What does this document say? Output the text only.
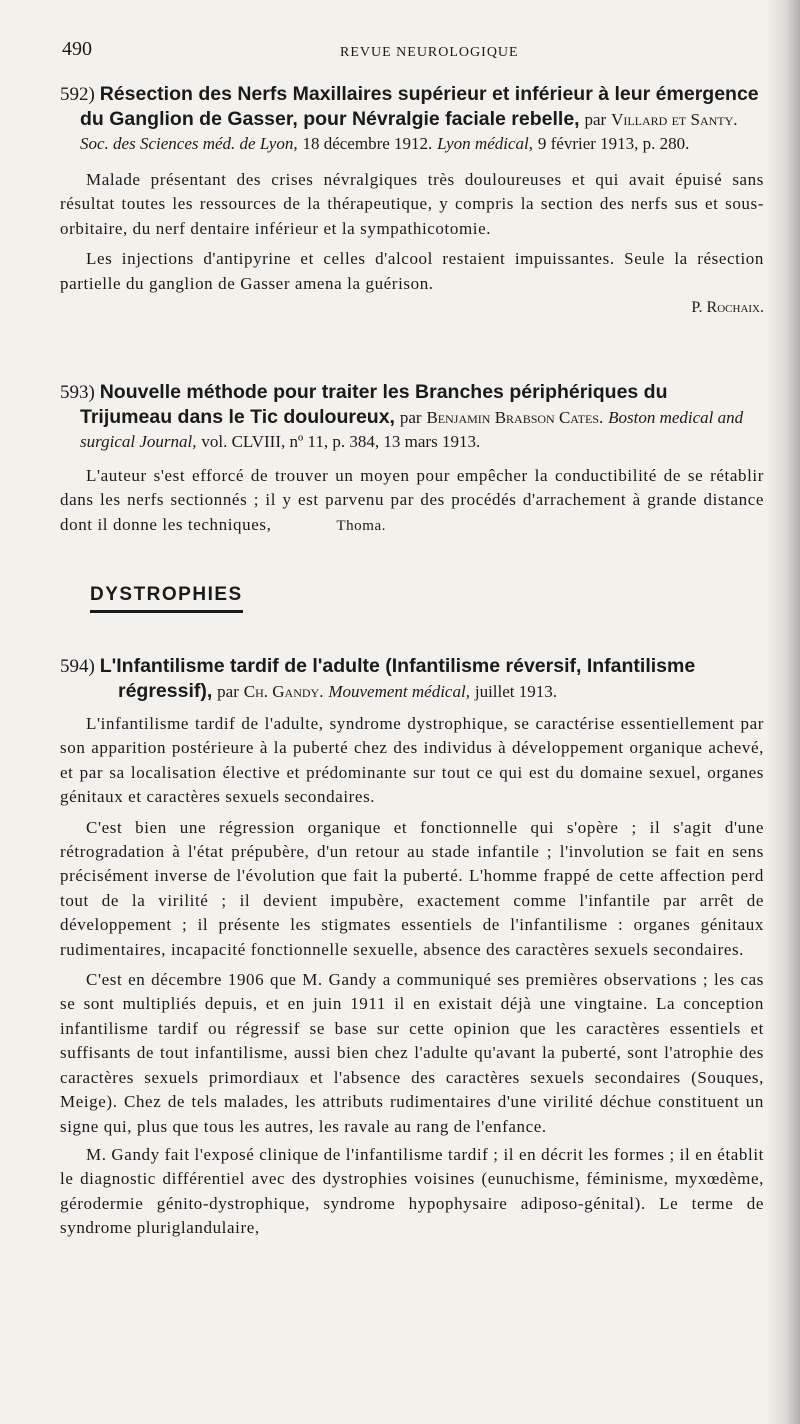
490	REVUE NEUROLOGIQUE

592) Résection des Nerfs Maxillaires supérieur et inférieur à leur émergence du Ganglion de Gasser, pour Névralgie faciale rebelle, par Villard et Santy. Soc. des Sciences méd. de Lyon, 18 décembre 1912. Lyon médical, 9 février 1913, p. 280.

Malade présentant des crises névralgiques très douloureuses et qui avait épuisé sans résultat toutes les ressources de la thérapeutique, y compris la section des nerfs sus et sous-orbitaire, du nerf dentaire inférieur et la sympathicotomie.

Les injections d'antipyrine et celles d'alcool restaient impuissantes. Seule la résection partielle du ganglion de Gasser amena la guérison.

P. Rochaix.

593) Nouvelle méthode pour traiter les Branches périphériques du Trijumeau dans le Tic douloureux, par Benjamin Brabson Cates. Boston medical and surgical Journal, vol. CLVIII, nº 11, p. 384, 13 mars 1913.

L'auteur s'est efforcé de trouver un moyen pour empêcher la conductibilité de se rétablir dans les nerfs sectionnés ; il y est parvenu par des procédés d'arrachement à grande distance dont il donne les techniques,	Thoma.

DYSTROPHIES

594) L'Infantilisme tardif de l'adulte (Infantilisme réversif, Infantilisme régressif), par Ch. Gandy. Mouvement médical, juillet 1913.

L'infantilisme tardif de l'adulte, syndrome dystrophique, se caractérise essentiellement par son apparition postérieure à la puberté chez des individus à développement organique achevé, et par sa localisation élective et prédominante sur tout ce qui est du domaine sexuel, organes génitaux et caractères sexuels secondaires.

C'est bien une régression organique et fonctionnelle qui s'opère ; il s'agit d'une rétrogradation à l'état prépubère, d'un retour au stade infantile ; l'involution se fait en sens précisément inverse de l'évolution que fait la puberté. L'homme frappé de cette affection perd tout de la virilité ; il devient impubère, exactement comme l'infantile par arrêt de développement ; il présente les stigmates essentiels de l'infantilisme : organes génitaux rudimentaires, incapacité fonctionnelle sexuelle, absence des caractères sexuels secondaires.

C'est en décembre 1906 que M. Gandy a communiqué ses premières observations ; les cas se sont multipliés depuis, et en juin 1911 il en existait déjà une vingtaine. La conception infantilisme tardif ou régressif se base sur cette opinion que les caractères essentiels et suffisants de tout infantilisme, aussi bien chez l'adulte qu'avant la puberté, sont l'atrophie des caractères sexuels primordiaux et l'absence des caractères sexuels secondaires (Souques, Meige). Chez de tels malades, les attributs rudimentaires d'une virilité déchue constituent un signe qui, plus que tous les autres, les ravale au rang de l'enfance.

M. Gandy fait l'exposé clinique de l'infantilisme tardif ; il en décrit les formes ; il en établit le diagnostic différentiel avec des dystrophies voisines (eunuchisme, féminisme, myxœdème, gérodermie génito-dystrophique, syndrome hypophysaire adiposo-génital). Le terme de syndrome pluriglandulaire,
